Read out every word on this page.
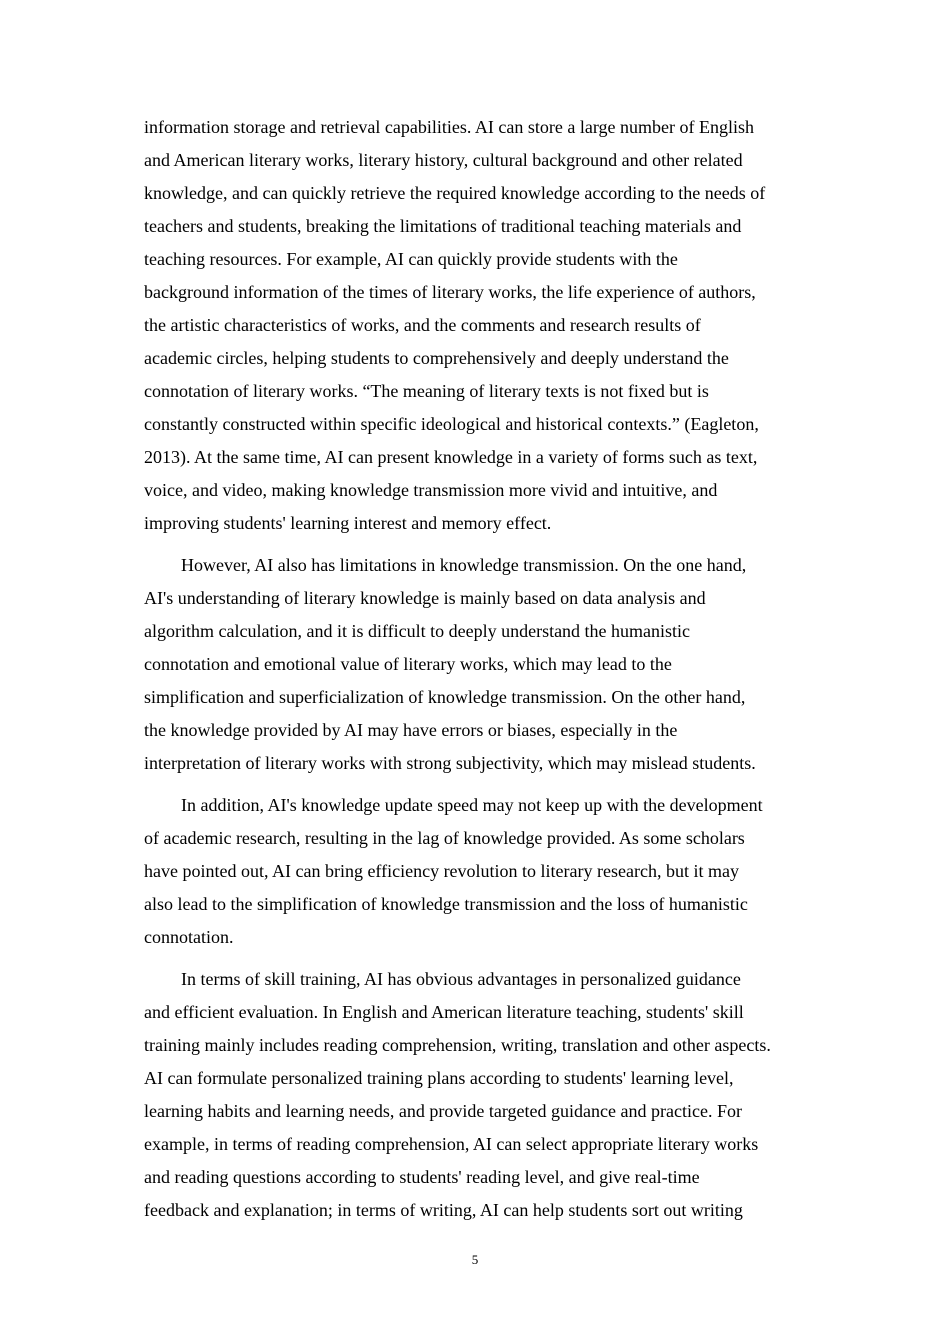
information storage and retrieval capabilities. AI can store a large number of English
and American literary works, literary history, cultural background and other related
knowledge, and can quickly retrieve the required knowledge according to the needs of
teachers and students, breaking the limitations of traditional teaching materials and
teaching resources. For example, AI can quickly provide students with the
background information of the times of literary works, the life experience of authors,
the artistic characteristics of works, and the comments and research results of
academic circles, helping students to comprehensively and deeply understand the
connotation of literary works. “The meaning of literary texts is not fixed but is
constantly constructed within specific ideological and historical contexts.” (Eagleton,
2013). At the same time, AI can present knowledge in a variety of forms such as text,
voice, and video, making knowledge transmission more vivid and intuitive, and
improving students' learning interest and memory effect.

However, AI also has limitations in knowledge transmission. On the one hand,
AI's understanding of literary knowledge is mainly based on data analysis and
algorithm calculation, and it is difficult to deeply understand the humanistic
connotation and emotional value of literary works, which may lead to the
simplification and superficialization of knowledge transmission. On the other hand,
the knowledge provided by AI may have errors or biases, especially in the
interpretation of literary works with strong subjectivity, which may mislead students.

In addition, AI's knowledge update speed may not keep up with the development
of academic research, resulting in the lag of knowledge provided. As some scholars
have pointed out, AI can bring efficiency revolution to literary research, but it may
also lead to the simplification of knowledge transmission and the loss of humanistic
connotation.

In terms of skill training, AI has obvious advantages in personalized guidance
and efficient evaluation. In English and American literature teaching, students' skill
training mainly includes reading comprehension, writing, translation and other aspects.
AI can formulate personalized training plans according to students' learning level,
learning habits and learning needs, and provide targeted guidance and practice. For
example, in terms of reading comprehension, AI can select appropriate literary works
and reading questions according to students' reading level, and give real-time
feedback and explanation; in terms of writing, AI can help students sort out writing

5
